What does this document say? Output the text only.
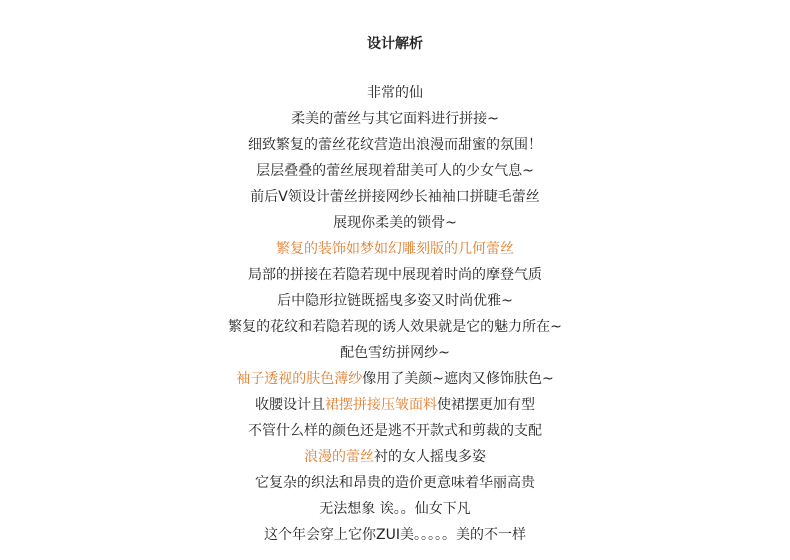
设计解析
非常的仙
柔美的蕾丝与其它面料进行拼接~
细致繁复的蕾丝花纹营造出浪漫而甜蜜的氛围！
层层叠叠的蕾丝展现着甜美可人的少女气息~
前后V领设计蕾丝拼接网纱长袖袖口拼睫毛蕾丝
展现你柔美的锁骨~
繁复的装饰如梦如幻雕刻版的几何蕾丝
局部的拼接在若隐若现中展现着时尚的摩登气质
后中隐形拉链既摇曳多姿又时尚优雅~
繁复的花纹和若隐若现的诱人效果就是它的魅力所在~
配色雪纺拼网纱~
袖子透视的肤色薄纱像用了美颜~遮肉又修饰肤色~
收腰设计且裙摆拼接压皱面料使裙摆更加有型
不管什么样的颜色还是逃不开款式和剪裁的支配
浪漫的蕾丝衬的女人摇曳多姿
它复杂的织法和昂贵的造价更意味着华丽高贵
无法想象 诶。。仙女下凡
这个年会穿上它你ZUI美。。。。。美的不一样
